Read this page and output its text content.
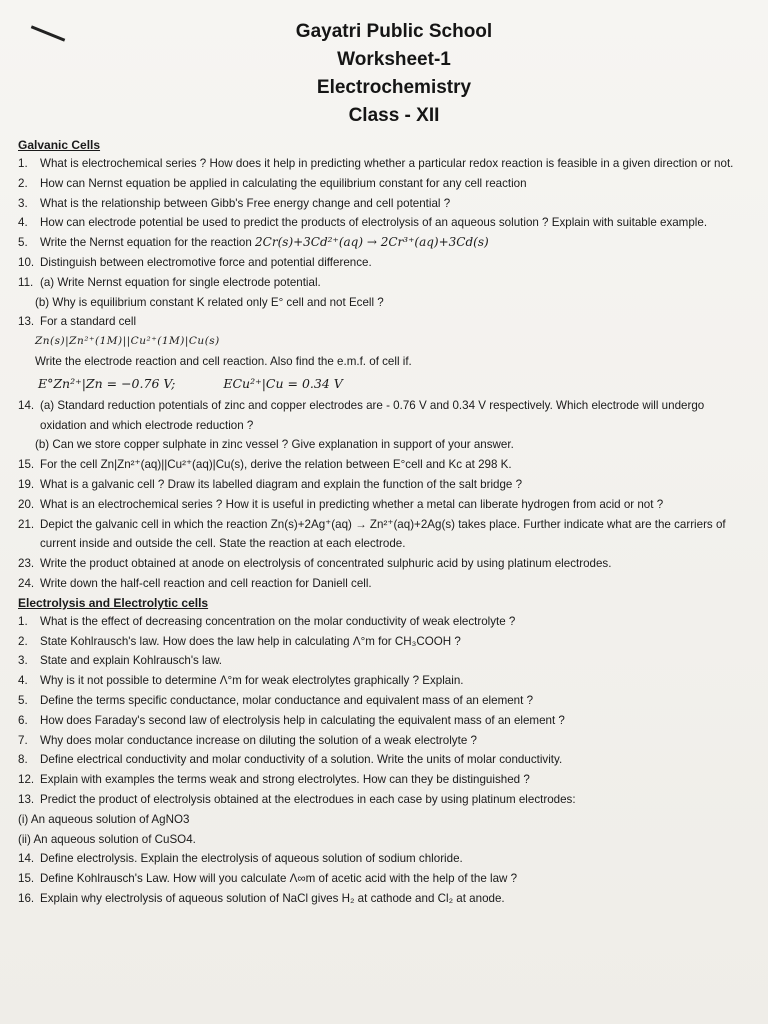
Gayatri Public School
Worksheet-1
Electrochemistry
Class - XII
Galvanic Cells
1.	What is electrochemical series ? How does it help in predicting whether a particular redox reaction is feasible in a given direction or not.
2.	How can Nernst equation be applied in calculating the equilibrium constant for any cell reaction
3.	What is the relationship between Gibb's Free energy change and cell potential ?
4.	How can electrode potential be used to predict the products of electrolysis of an aqueous solution ? Explain with suitable example.
5.	Write the Nernst equation for the reaction 2Cr(s)+3Cd²⁺(aq) → 2Cr³⁺(aq)+3Cd(s)
10. Distinguish between electromotive force and potential difference.
11. (a) Write Nernst equation for single electrode potential.
(b) Why is equilibrium constant K related only E° cell and not Ecell ?
13. For a standard cell
Zn(s)|Zn²⁺(1M)||Cu²⁺(1M)|Cu(s)
Write the electrode reaction and cell reaction. Also find the e.m.f. of cell if.
E°Zn²⁺|Zn = −0.76 V;	ECu²⁺|Cu = 0.34 V
14. (a) Standard reduction potentials of zinc and copper electrodes are - 0.76 V and 0.34 V respectively. Which electrode will undergo oxidation and which electrode reduction ?
(b) Can we store copper sulphate in zinc vessel ? Give explanation in support of your answer.
15. For the cell Zn|Zn²⁺(aq)||Cu²⁺(aq)|Cu(s), derive the relation between E°cell and Kc at 298 K.
19. What is a galvanic cell ? Draw its labelled diagram and explain the function of the salt bridge ?
20. What is an electrochemical series ? How it is useful in predicting whether a metal can liberate hydrogen from acid or not ?
21. Depict the galvanic cell in which the reaction Zn(s)+2Ag⁺(aq) → Zn²⁺(aq)+2Ag(s) takes place. Further indicate what are the carriers of current inside and outside the cell. State the reaction at each electrode.
23. Write the product obtained at anode on electrolysis of concentrated sulphuric acid by using platinum electrodes.
24. Write down the half-cell reaction and cell reaction for Daniell cell.
Electrolysis and Electrolytic cells
1.	What is the effect of decreasing concentration on the molar conductivity of weak electrolyte ?
2.	State Kohlrausch's law. How does the law help in calculating Λ°m for CH₃COOH ?
3.	State and explain Kohlrausch's law.
4.	Why is it not possible to determine Λ°m for weak electrolytes graphically ? Explain.
5.	Define the terms specific conductance, molar conductance and equivalent mass of an element ?
6.	How does Faraday's second law of electrolysis help in calculating the equivalent mass of an element ?
7.	Why does molar conductance increase on diluting the solution of a weak electrolyte ?
8.	Define electrical conductivity and molar conductivity of a solution. Write the units of molar conductivity.
12. Explain with examples the terms weak and strong electrolytes. How can they be distinguished ?
13. Predict the product of electrolysis obtained at the electrodues in each case by using platinum electrodes:
(i) An aqueous solution of AgNO3
(ii) An aqueous solution of CuSO4.
14. Define electrolysis. Explain the electrolysis of aqueous solution of sodium chloride.
15. Define Kohlrausch's Law. How will you calculate Λ∞m of acetic acid with the help of the law ?
16. Explain why electrolysis of aqueous solution of NaCl gives H₂ at cathode and Cl₂ at anode.
